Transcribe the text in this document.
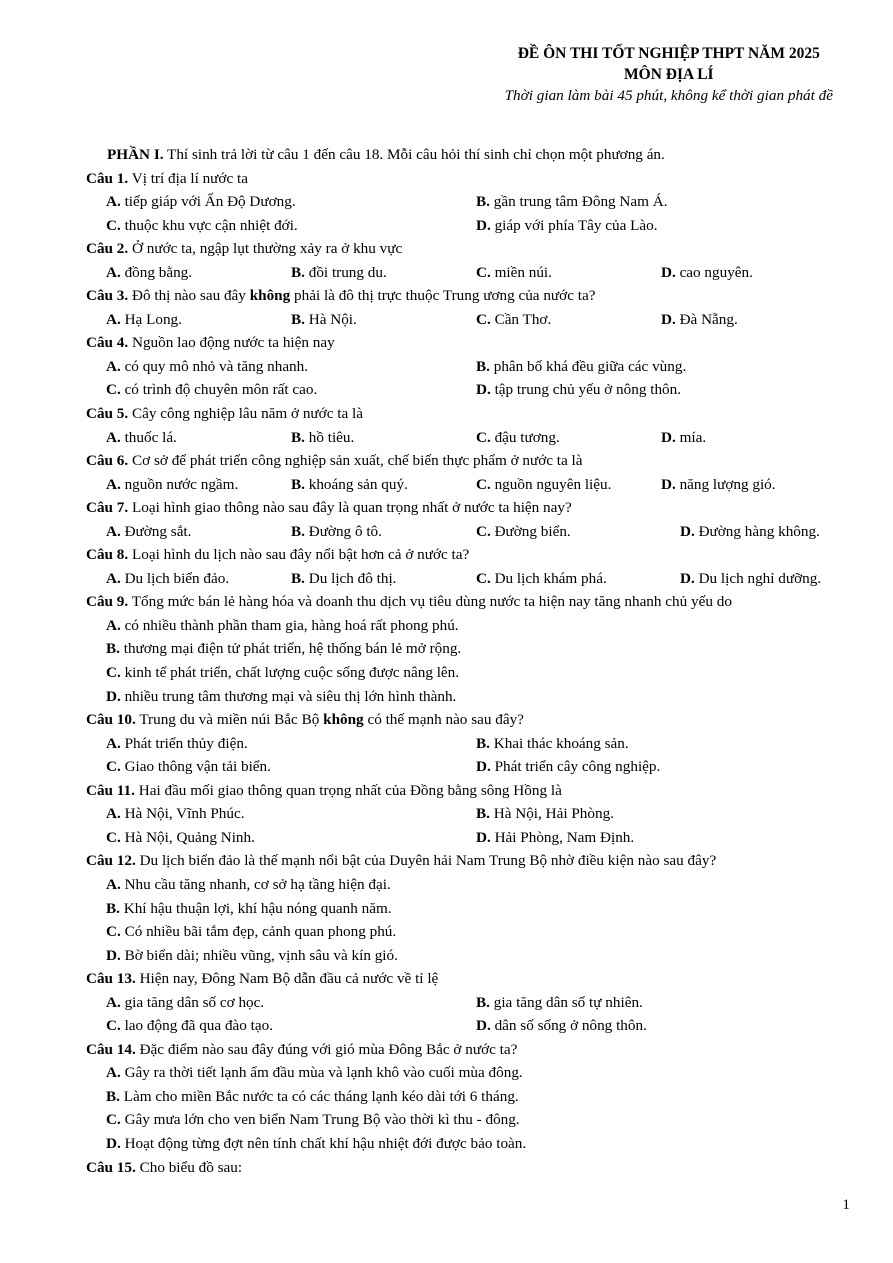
ĐỀ ÔN THI TỐT NGHIỆP THPT NĂM 2025
MÔN ĐỊA LÍ
Thời gian làm bài 45 phút, không kể thời gian phát đề
PHẦN I. Thí sinh trả lời từ câu 1 đến câu 18. Mỗi câu hỏi thí sinh chỉ chọn một phương án.
Câu 1. Vị trí địa lí nước ta
A. tiếp giáp với Ấn Độ Dương.	B. gần trung tâm Đông Nam Á.
C. thuộc khu vực cận nhiệt đới.	D. giáp với phía Tây của Lào.
Câu 2. Ở nước ta, ngập lụt thường xảy ra ở khu vực
A. đồng bằng.	B. đồi trung du.	C. miền núi.	D. cao nguyên.
Câu 3. Đô thị nào sau đây không phải là đô thị trực thuộc Trung ương của nước ta?
A. Hạ Long.	B. Hà Nội.	C. Cần Thơ.	D. Đà Nẵng.
Câu 4. Nguồn lao động nước ta hiện nay
A. có quy mô nhỏ và tăng nhanh.	B. phân bố khá đều giữa các vùng.
C. có trình độ chuyên môn rất cao.	D. tập trung chủ yếu ở nông thôn.
Câu 5. Cây công nghiệp lâu năm ở nước ta là
A. thuốc lá.	B. hồ tiêu.	C. đậu tương.	D. mía.
Câu 6. Cơ sở để phát triển công nghiệp sản xuất, chế biến thực phẩm ở nước ta là
A. nguồn nước ngầm.	B. khoáng sản quý.	C. nguồn nguyên liệu.	D. năng lượng gió.
Câu 7. Loại hình giao thông nào sau đây là quan trọng nhất ở nước ta hiện nay?
A. Đường sắt.	B. Đường ô tô.	C. Đường biển.	D. Đường hàng không.
Câu 8. Loại hình du lịch nào sau đây nổi bật hơn cả ở nước ta?
A. Du lịch biển đảo.	B. Du lịch đô thị.	C. Du lịch khám phá.	D. Du lịch nghỉ dưỡng.
Câu 9. Tổng mức bán lẻ hàng hóa và doanh thu dịch vụ tiêu dùng nước ta hiện nay tăng nhanh chủ yếu do
A. có nhiều thành phần tham gia, hàng hoá rất phong phú.
B. thương mại điện tử phát triển, hệ thống bán lẻ mở rộng.
C. kinh tế phát triển, chất lượng cuộc sống được nâng lên.
D. nhiều trung tâm thương mại và siêu thị lớn hình thành.
Câu 10. Trung du và miền núi Bắc Bộ không có thế mạnh nào sau đây?
A. Phát triển thủy điện.	B. Khai thác khoáng sản.
C. Giao thông vận tải biển.	D. Phát triển cây công nghiệp.
Câu 11. Hai đầu mối giao thông quan trọng nhất của Đồng bằng sông Hồng là
A. Hà Nội, Vĩnh Phúc.	B. Hà Nội, Hải Phòng.
C. Hà Nội, Quảng Ninh.	D. Hải Phòng, Nam Định.
Câu 12. Du lịch biển đảo là thế mạnh nổi bật của Duyên hải Nam Trung Bộ nhờ điều kiện nào sau đây?
A. Nhu cầu tăng nhanh, cơ sở hạ tầng hiện đại.
B. Khí hậu thuận lợi, khí hậu nóng quanh năm.
C. Có nhiều bãi tắm đẹp, cảnh quan phong phú.
D. Bờ biển dài; nhiều vũng, vịnh sâu và kín gió.
Câu 13. Hiện nay, Đông Nam Bộ dẫn đầu cả nước về tỉ lệ
A. gia tăng dân số cơ học.	B. gia tăng dân số tự nhiên.
C. lao động đã qua đào tạo.	D. dân số sống ở nông thôn.
Câu 14. Đặc điểm nào sau đây đúng với gió mùa Đông Bắc ở nước ta?
A. Gây ra thời tiết lạnh ẩm đầu mùa và lạnh khô vào cuối mùa đông.
B. Làm cho miền Bắc nước ta có các tháng lạnh kéo dài tới 6 tháng.
C. Gây mưa lớn cho ven biển Nam Trung Bộ vào thời kì thu - đông.
D. Hoạt động từng đợt nên tính chất khí hậu nhiệt đới được bảo toàn.
Câu 15. Cho biểu đồ sau:
1
